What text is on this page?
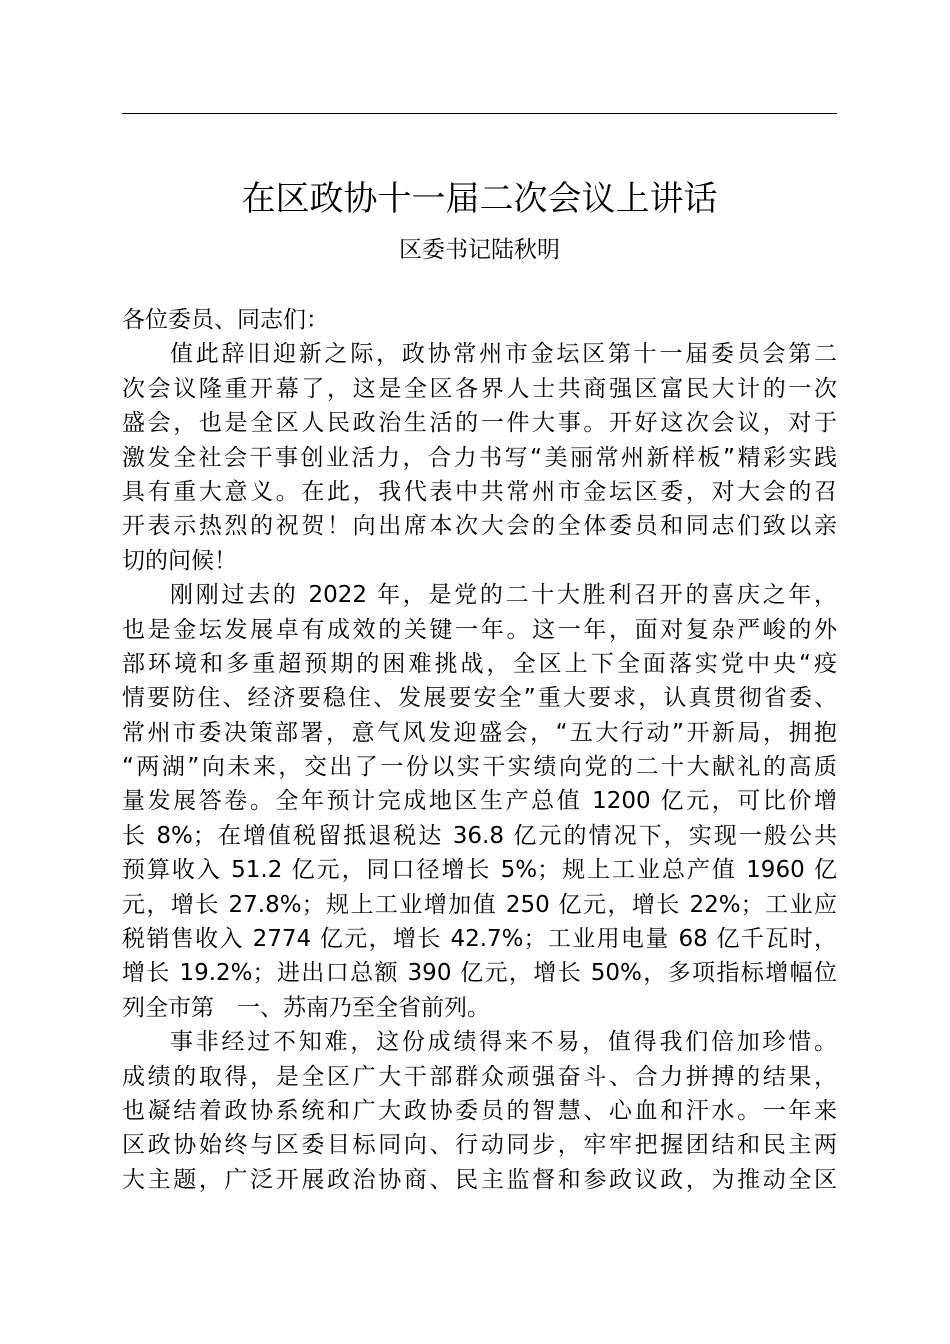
在区政协十一届二次会议上讲话
区委书记陆秋明
各位委员、同志们：
值此辞旧迎新之际，政协常州市金坛区第十一届委员会第二
次会议隆重开幕了，这是全区各界人士共商强区富民大计的一次
盛会，也是全区人民政治生活的一件大事。开好这次会议，对于
激发全社会干事创业活力，合力书写“美丽常州新样板”精彩实践
具有重大意义。在此，我代表中共常州市金坛区委，对大会的召
开表示热烈的祝贺！向出席本次大会的全体委员和同志们致以亲
切的问候！
刚刚过去的 2022 年，是党的二十大胜利召开的喜庆之年，
也是金坛发展卓有成效的关键一年。这一年，面对复杂严峻的外
部环境和多重超预期的困难挑战，全区上下全面落实党中央“疫
情要防住、经济要稳住、发展要安全”重大要求，认真贯彻省委、
常州市委决策部署，意气风发迎盛会，“五大行动”开新局，拥抱
“两湖”向未来，交出了一份以实干实绩向党的二十大献礼的高质
量发展答卷。全年预计完成地区生产总值 1200 亿元，可比价增
长 8%；在增值税留抵退税达 36.8 亿元的情况下，实现一般公共
预算收入 51.2 亿元，同口径增长 5%；规上工业总产值 1960 亿
元，增长 27.8%；规上工业增加值 250 亿元，增长 22%；工业应
税销售收入 2774 亿元，增长 42.7%；工业用电量 68 亿千瓦时，
增长 19.2%；进出口总额 390 亿元，增长 50%，多项指标增幅位
列全市第　一、苏南乃至全省前列。
事非经过不知难，这份成绩得来不易，值得我们倍加珍惜。
成绩的取得，是全区广大干部群众顽强奋斗、合力拼搏的结果，
也凝结着政协系统和广大政协委员的智慧、心血和汗水。一年来
区政协始终与区委目标同向、行动同步，牢牢把握团结和民主两
大主题，广泛开展政治协商、民主监督和参政议政，为推动全区
